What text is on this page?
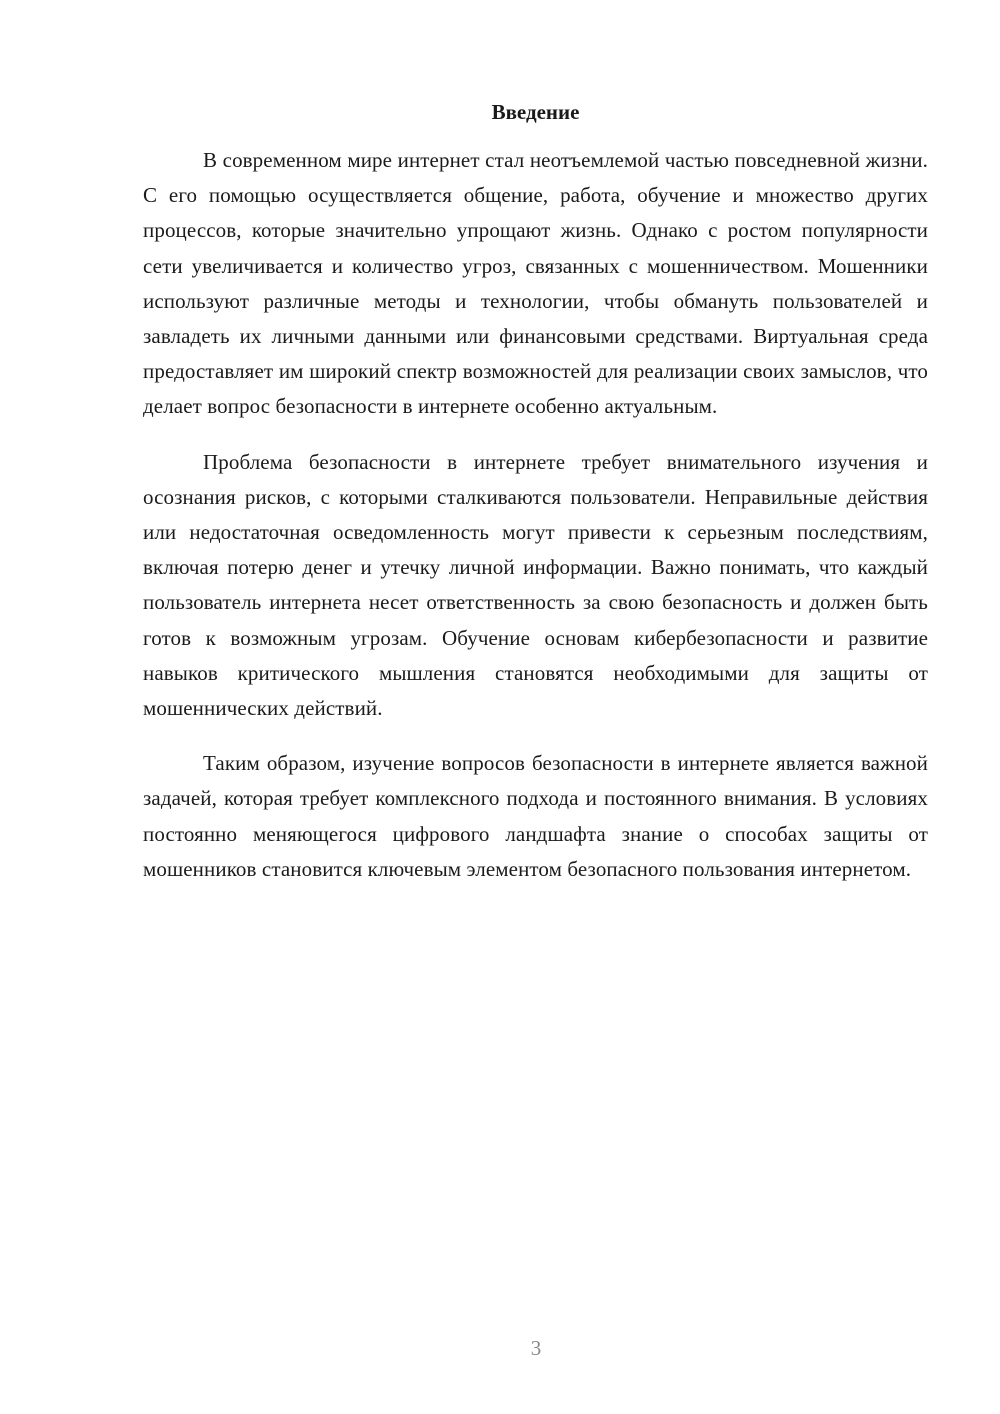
Введение

В современном мире интернет стал неотъемлемой частью повседневной жизни. С его помощью осуществляется общение, работа, обучение и множество других процессов, которые значительно упрощают жизнь. Однако с ростом популярности сети увеличивается и количество угроз, связанных с мошенничеством. Мошенники используют различные методы и технологии, чтобы обмануть пользователей и завладеть их личными данными или финансовыми средствами. Виртуальная среда предоставляет им широкий спектр возможностей для реализации своих замыслов, что делает вопрос безопасности в интернете особенно актуальным.

Проблема безопасности в интернете требует внимательного изучения и осознания рисков, с которыми сталкиваются пользователи. Неправильные действия или недостаточная осведомленность могут привести к серьезным последствиям, включая потерю денег и утечку личной информации. Важно понимать, что каждый пользователь интернета несет ответственность за свою безопасность и должен быть готов к возможным угрозам. Обучение основам кибербезопасности и развитие навыков критического мышления становятся необходимыми для защиты от мошеннических действий.

Таким образом, изучение вопросов безопасности в интернете является важной задачей, которая требует комплексного подхода и постоянного внимания. В условиях постоянно меняющегося цифрового ландшафта знание о способах защиты от мошенников становится ключевым элементом безопасного пользования интернетом.

3
